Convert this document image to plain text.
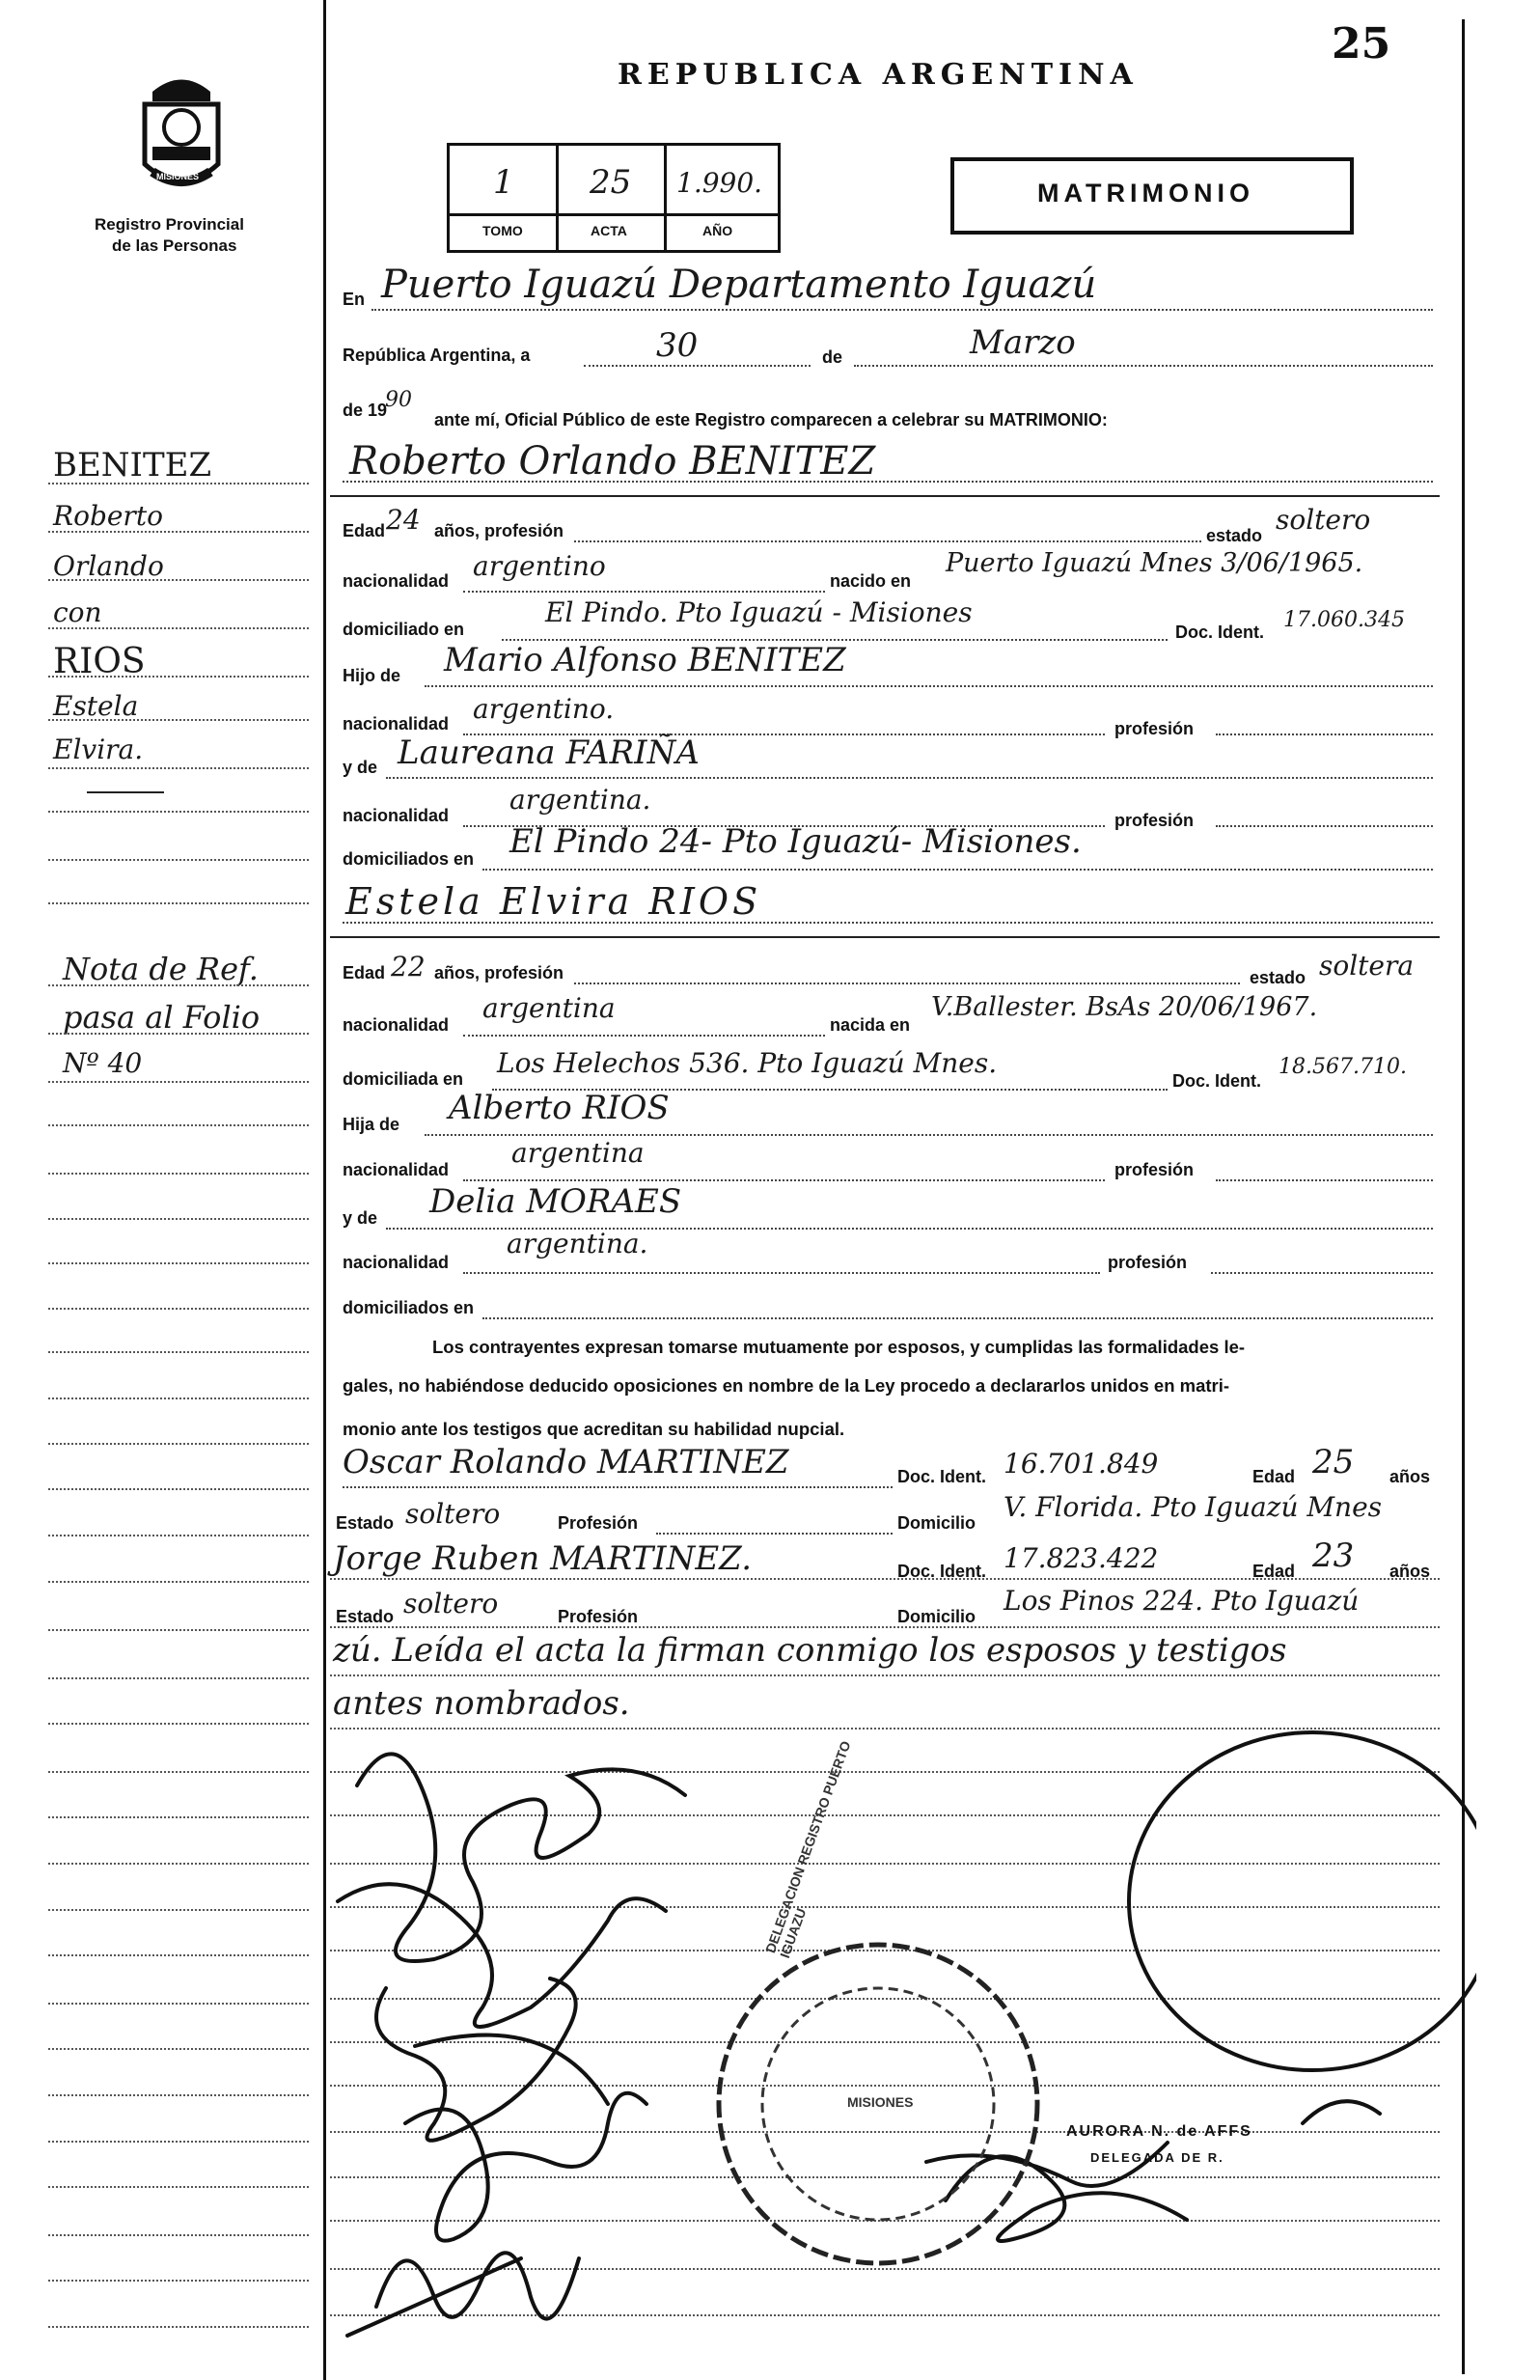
25
MISIONES
Registro Provincial
de las Personas
REPUBLICA ARGENTINA
1 25 1.990.
TOMO	ACTA	AÑO
MATRIMONIO
En Puerto Iguazú Departamento Iguazú
República Argentina, a	30	de	Marzo
de 19
90
ante mí, Oficial Público de este Registro comparecen a celebrar su MATRIMONIO:
Roberto Orlando BENITEZ
Edad 24 años, profesión	estado soltero
nacionalidad argentino	nacido en
Puerto Iguazú Mnes 3/06/1965.
domiciliado en
El Pindo. Pto Iguazú - Misiones
Doc. Ident. 17.060.345
Hijo de Mario Alfonso BENITEZ
nacionalidad argentino.
profesión
y de Laureana FARIÑA
nacionalidad argentina.
profesión
domiciliados en El Pindo 24- Pto Iguazú- Misiones.
Estela Elvira RIOS
Edad 22 años, profesión	estado soltera
nacionalidad
argentina
nacida en
V.Ballester. BsAs 20/06/1967.
domiciliada en Los Helechos 536. Pto Iguazú Mnes.
Doc. Ident.
18.567.710.
Hija de Alberto RIOS
nacionalidad
argentina
profesión
y de Delia MORAES
nacionalidad
argentina.
profesión
domiciliados en
Los contrayentes expresan tomarse mutuamente por esposos, y cumplidas las formalidades le-
gales, no habiéndose deducido oposiciones en nombre de la Ley procedo a declararlos unidos en matri-
monio ante los testigos que acreditan su habilidad nupcial.
Oscar Rolando MARTINEZ	Doc. Ident. 16.701.849	Edad 25 años
Estado soltero	Profesión	Domicilio V. Florida. Pto Iguazú Mnes
Jorge Ruben MARTINEZ.	Doc. Ident. 17.823.422	Edad 23 años
Estado soltero	Profesión	Domicilio Los Pinos 224. Pto Iguazú
zú. Leída el acta la firman conmigo los esposos y testigos
antes nombrados.
BENITEZ
Roberto
Orlando
con
RIOS
Estela
Elvira.
Nota de Ref.
pasa al Folio
Nº 40
DELEGACION REGISTRO PUERTO IGUAZU
MISIONES
AURORA N. de AFFS
DELEGADA DE R.
